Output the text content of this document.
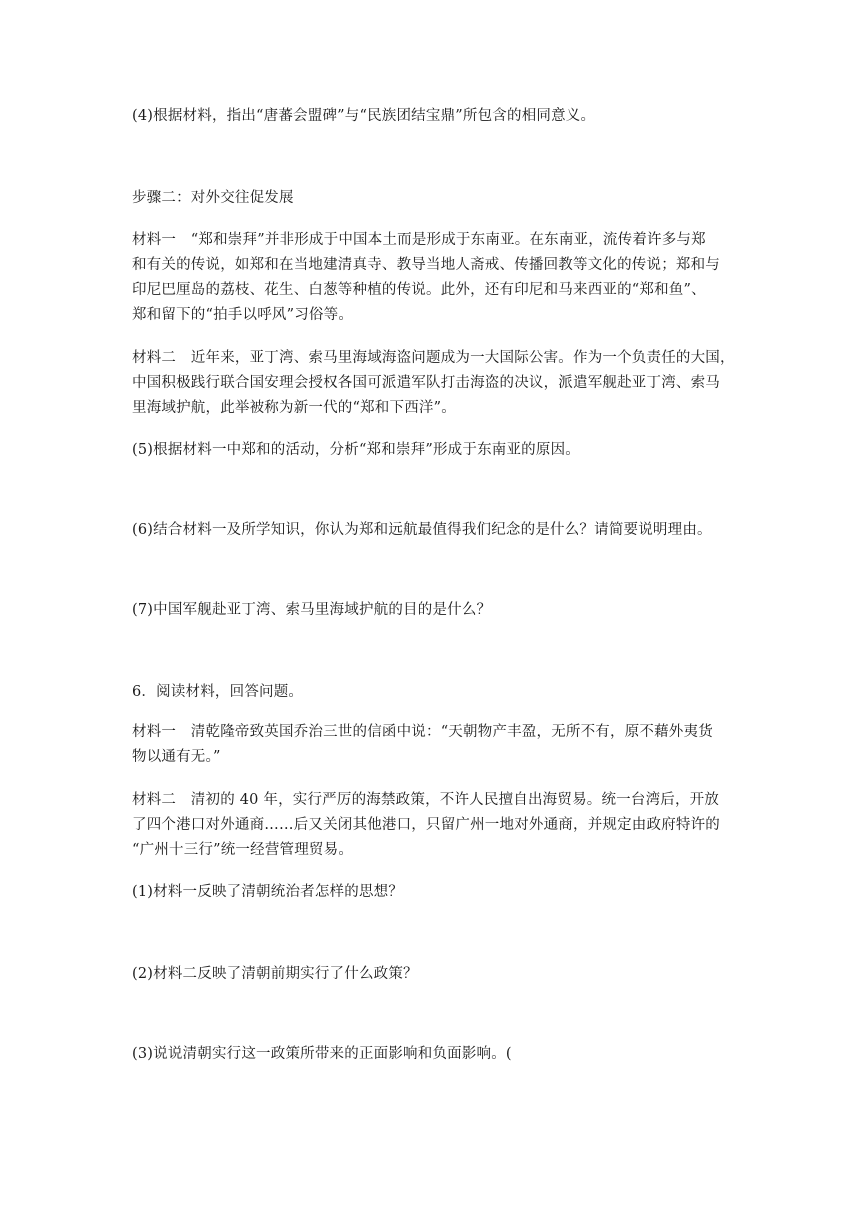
(4)根据材料，指出“唐蕃会盟碑”与“民族团结宝鼎”所包含的相同意义。
步骤二：对外交往促发展
材料一　“郑和崇拜”并非形成于中国本土而是形成于东南亚。在东南亚，流传着许多与郑
和有关的传说，如郑和在当地建清真寺、教导当地人斋戒、传播回教等文化的传说；郑和与
印尼巴厘岛的荔枝、花生、白葱等种植的传说。此外，还有印尼和马来西亚的“郑和鱼”、
郑和留下的“拍手以呼风”习俗等。
材料二　近年来，亚丁湾、索马里海域海盗问题成为一大国际公害。作为一个负责任的大国，
中国积极践行联合国安理会授权各国可派遣军队打击海盗的决议，派遣军舰赴亚丁湾、索马
里海域护航，此举被称为新一代的“郑和下西洋”。
(5)根据材料一中郑和的活动，分析“郑和崇拜”形成于东南亚的原因。
(6)结合材料一及所学知识，你认为郑和远航最值得我们纪念的是什么？请简要说明理由。
(7)中国军舰赴亚丁湾、索马里海域护航的目的是什么？
6．阅读材料，回答问题。
材料一　清乾隆帝致英国乔治三世的信函中说：“天朝物产丰盈，无所不有，原不藉外夷货
物以通有无。”
材料二　清初的 40 年，实行严厉的海禁政策，不许人民擅自出海贸易。统一台湾后，开放
了四个港口对外通商……后又关闭其他港口，只留广州一地对外通商，并规定由政府特许的
“广州十三行”统一经营管理贸易。
(1)材料一反映了清朝统治者怎样的思想？
(2)材料二反映了清朝前期实行了什么政策？
(3)说说清朝实行这一政策所带来的正面影响和负面影响。(
